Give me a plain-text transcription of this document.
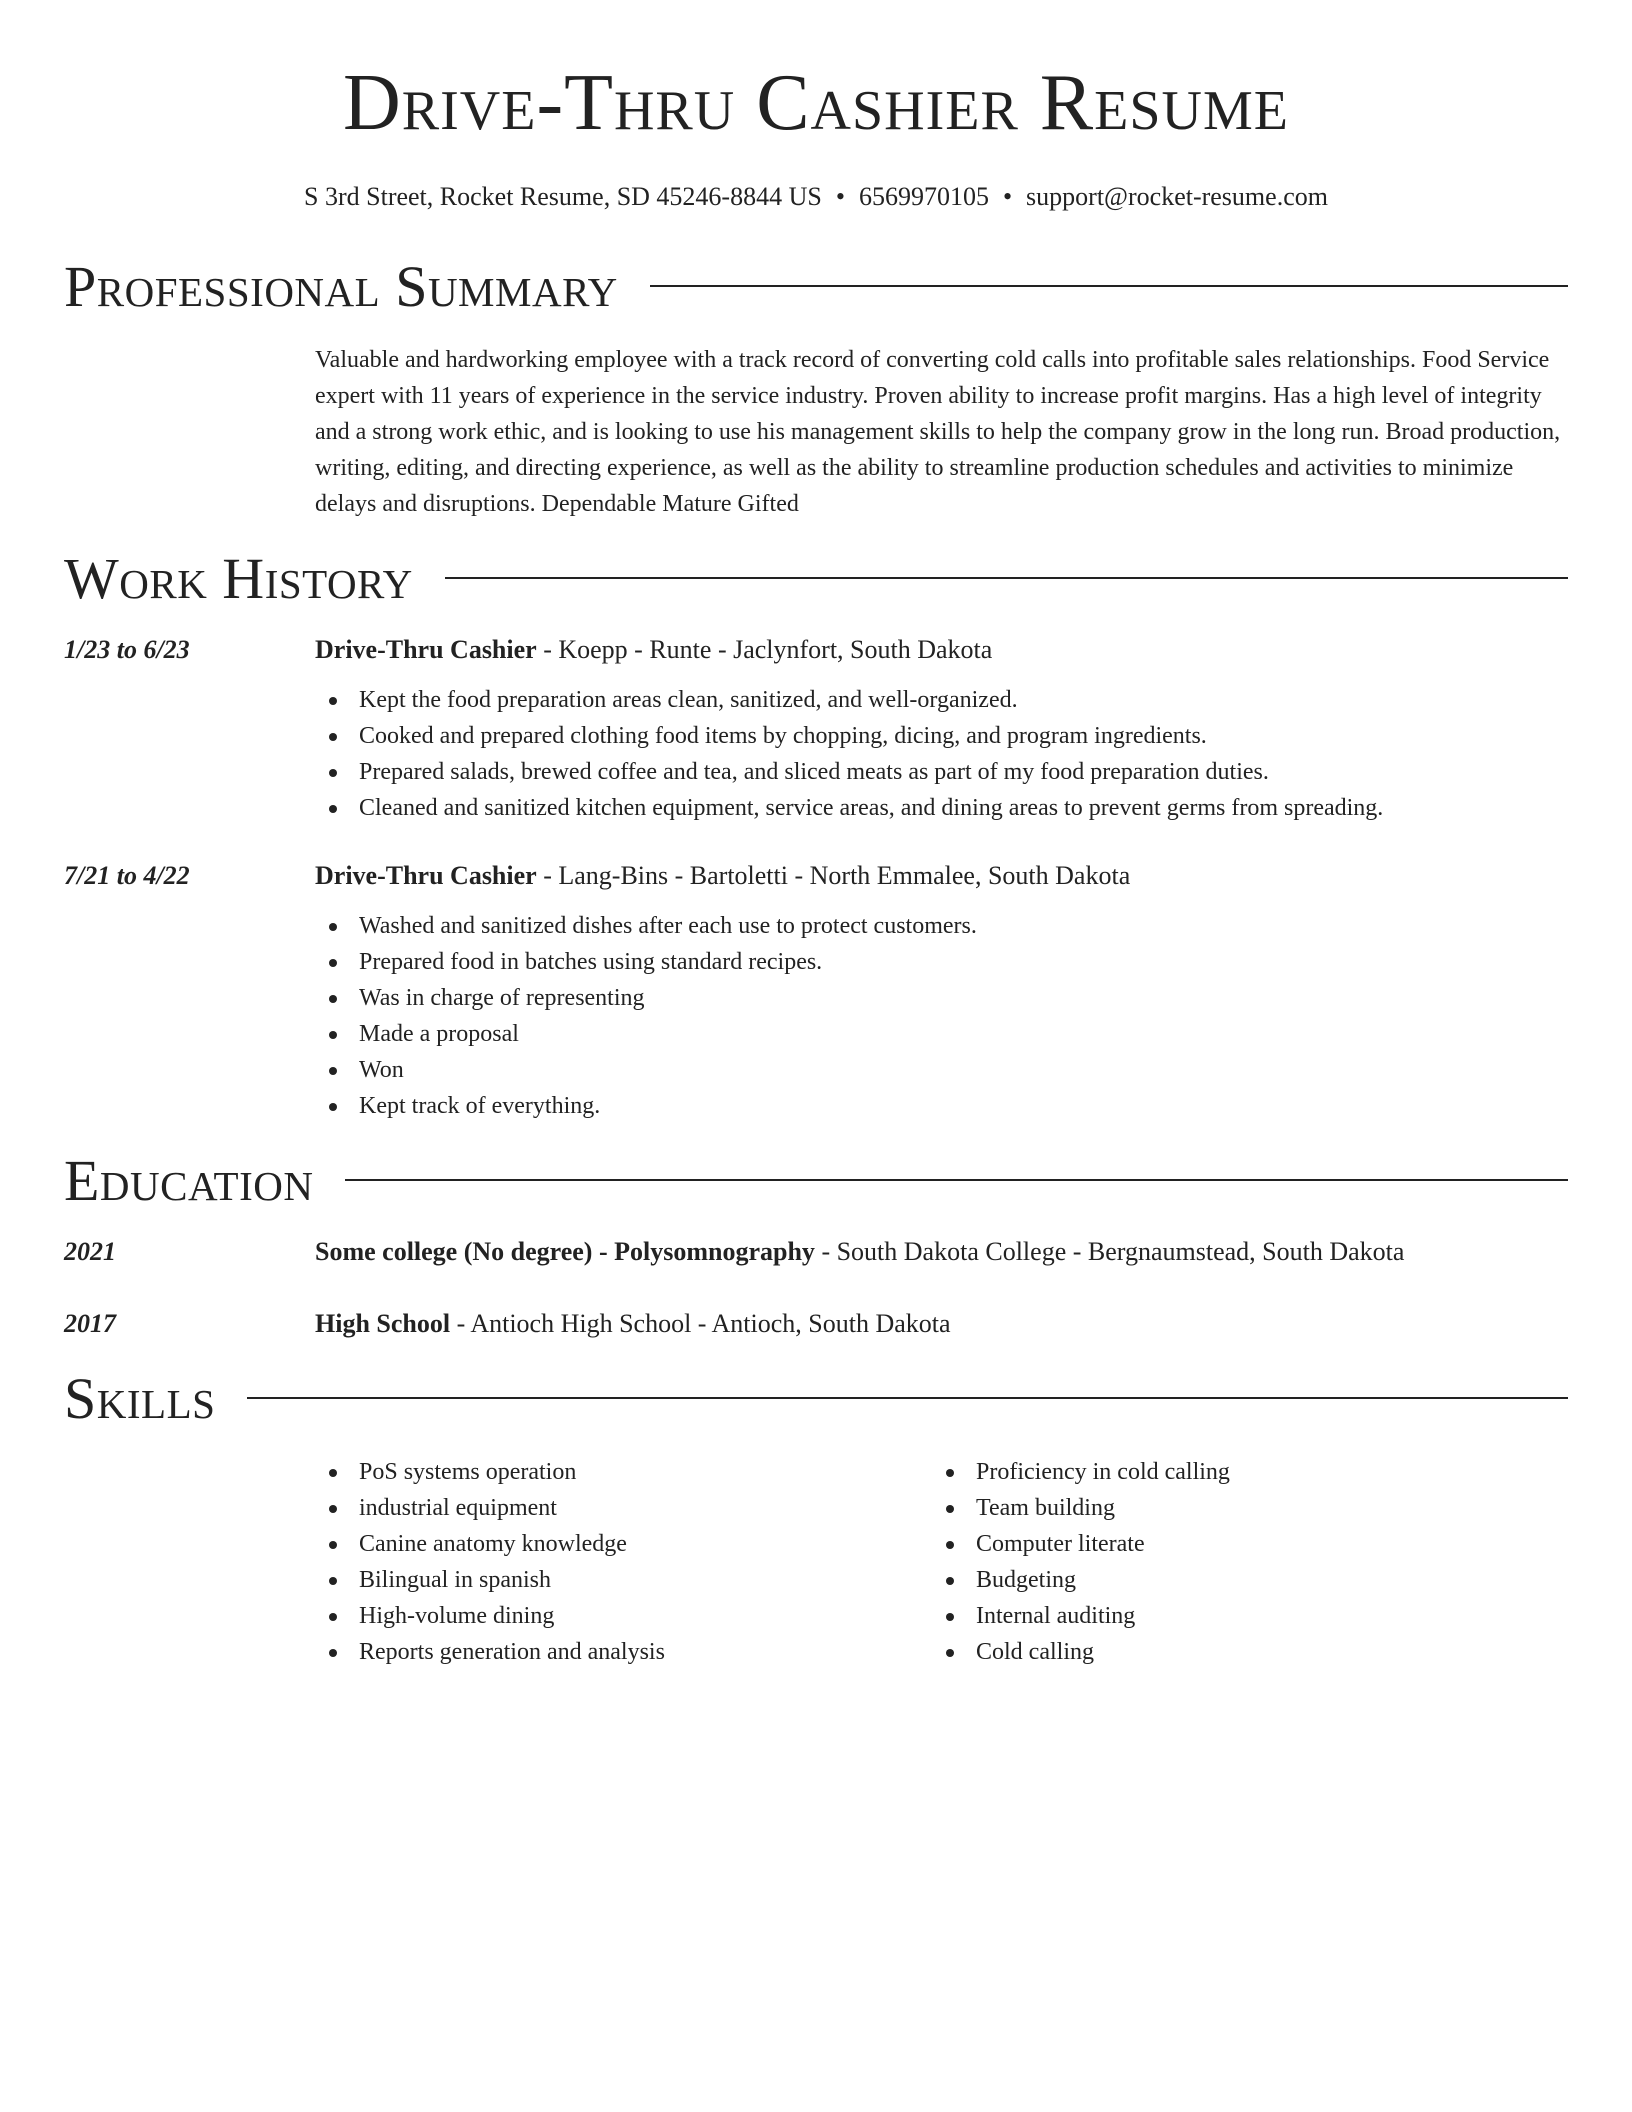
Drive-Thru Cashier Resume
S 3rd Street, Rocket Resume, SD 45246-8844 US • 6569970105 • support@rocket-resume.com
Professional Summary
Valuable and hardworking employee with a track record of converting cold calls into profitable sales relationships. Food Service expert with 11 years of experience in the service industry. Proven ability to increase profit margins. Has a high level of integrity and a strong work ethic, and is looking to use his management skills to help the company grow in the long run. Broad production, writing, editing, and directing experience, as well as the ability to streamline production schedules and activities to minimize delays and disruptions. Dependable Mature Gifted
Work History
1/23 to 6/23	Drive-Thru Cashier - Koepp - Runte - Jaclynfort, South Dakota
Kept the food preparation areas clean, sanitized, and well-organized.
Cooked and prepared clothing food items by chopping, dicing, and program ingredients.
Prepared salads, brewed coffee and tea, and sliced meats as part of my food preparation duties.
Cleaned and sanitized kitchen equipment, service areas, and dining areas to prevent germs from spreading.
7/21 to 4/22	Drive-Thru Cashier - Lang-Bins - Bartoletti - North Emmalee, South Dakota
Washed and sanitized dishes after each use to protect customers.
Prepared food in batches using standard recipes.
Was in charge of representing
Made a proposal
Won
Kept track of everything.
Education
2021	Some college (No degree) - Polysomnography - South Dakota College - Bergnaumstead, South Dakota
2017	High School - Antioch High School - Antioch, South Dakota
Skills
PoS systems operation
industrial equipment
Canine anatomy knowledge
Bilingual in spanish
High-volume dining
Reports generation and analysis
Proficiency in cold calling
Team building
Computer literate
Budgeting
Internal auditing
Cold calling
